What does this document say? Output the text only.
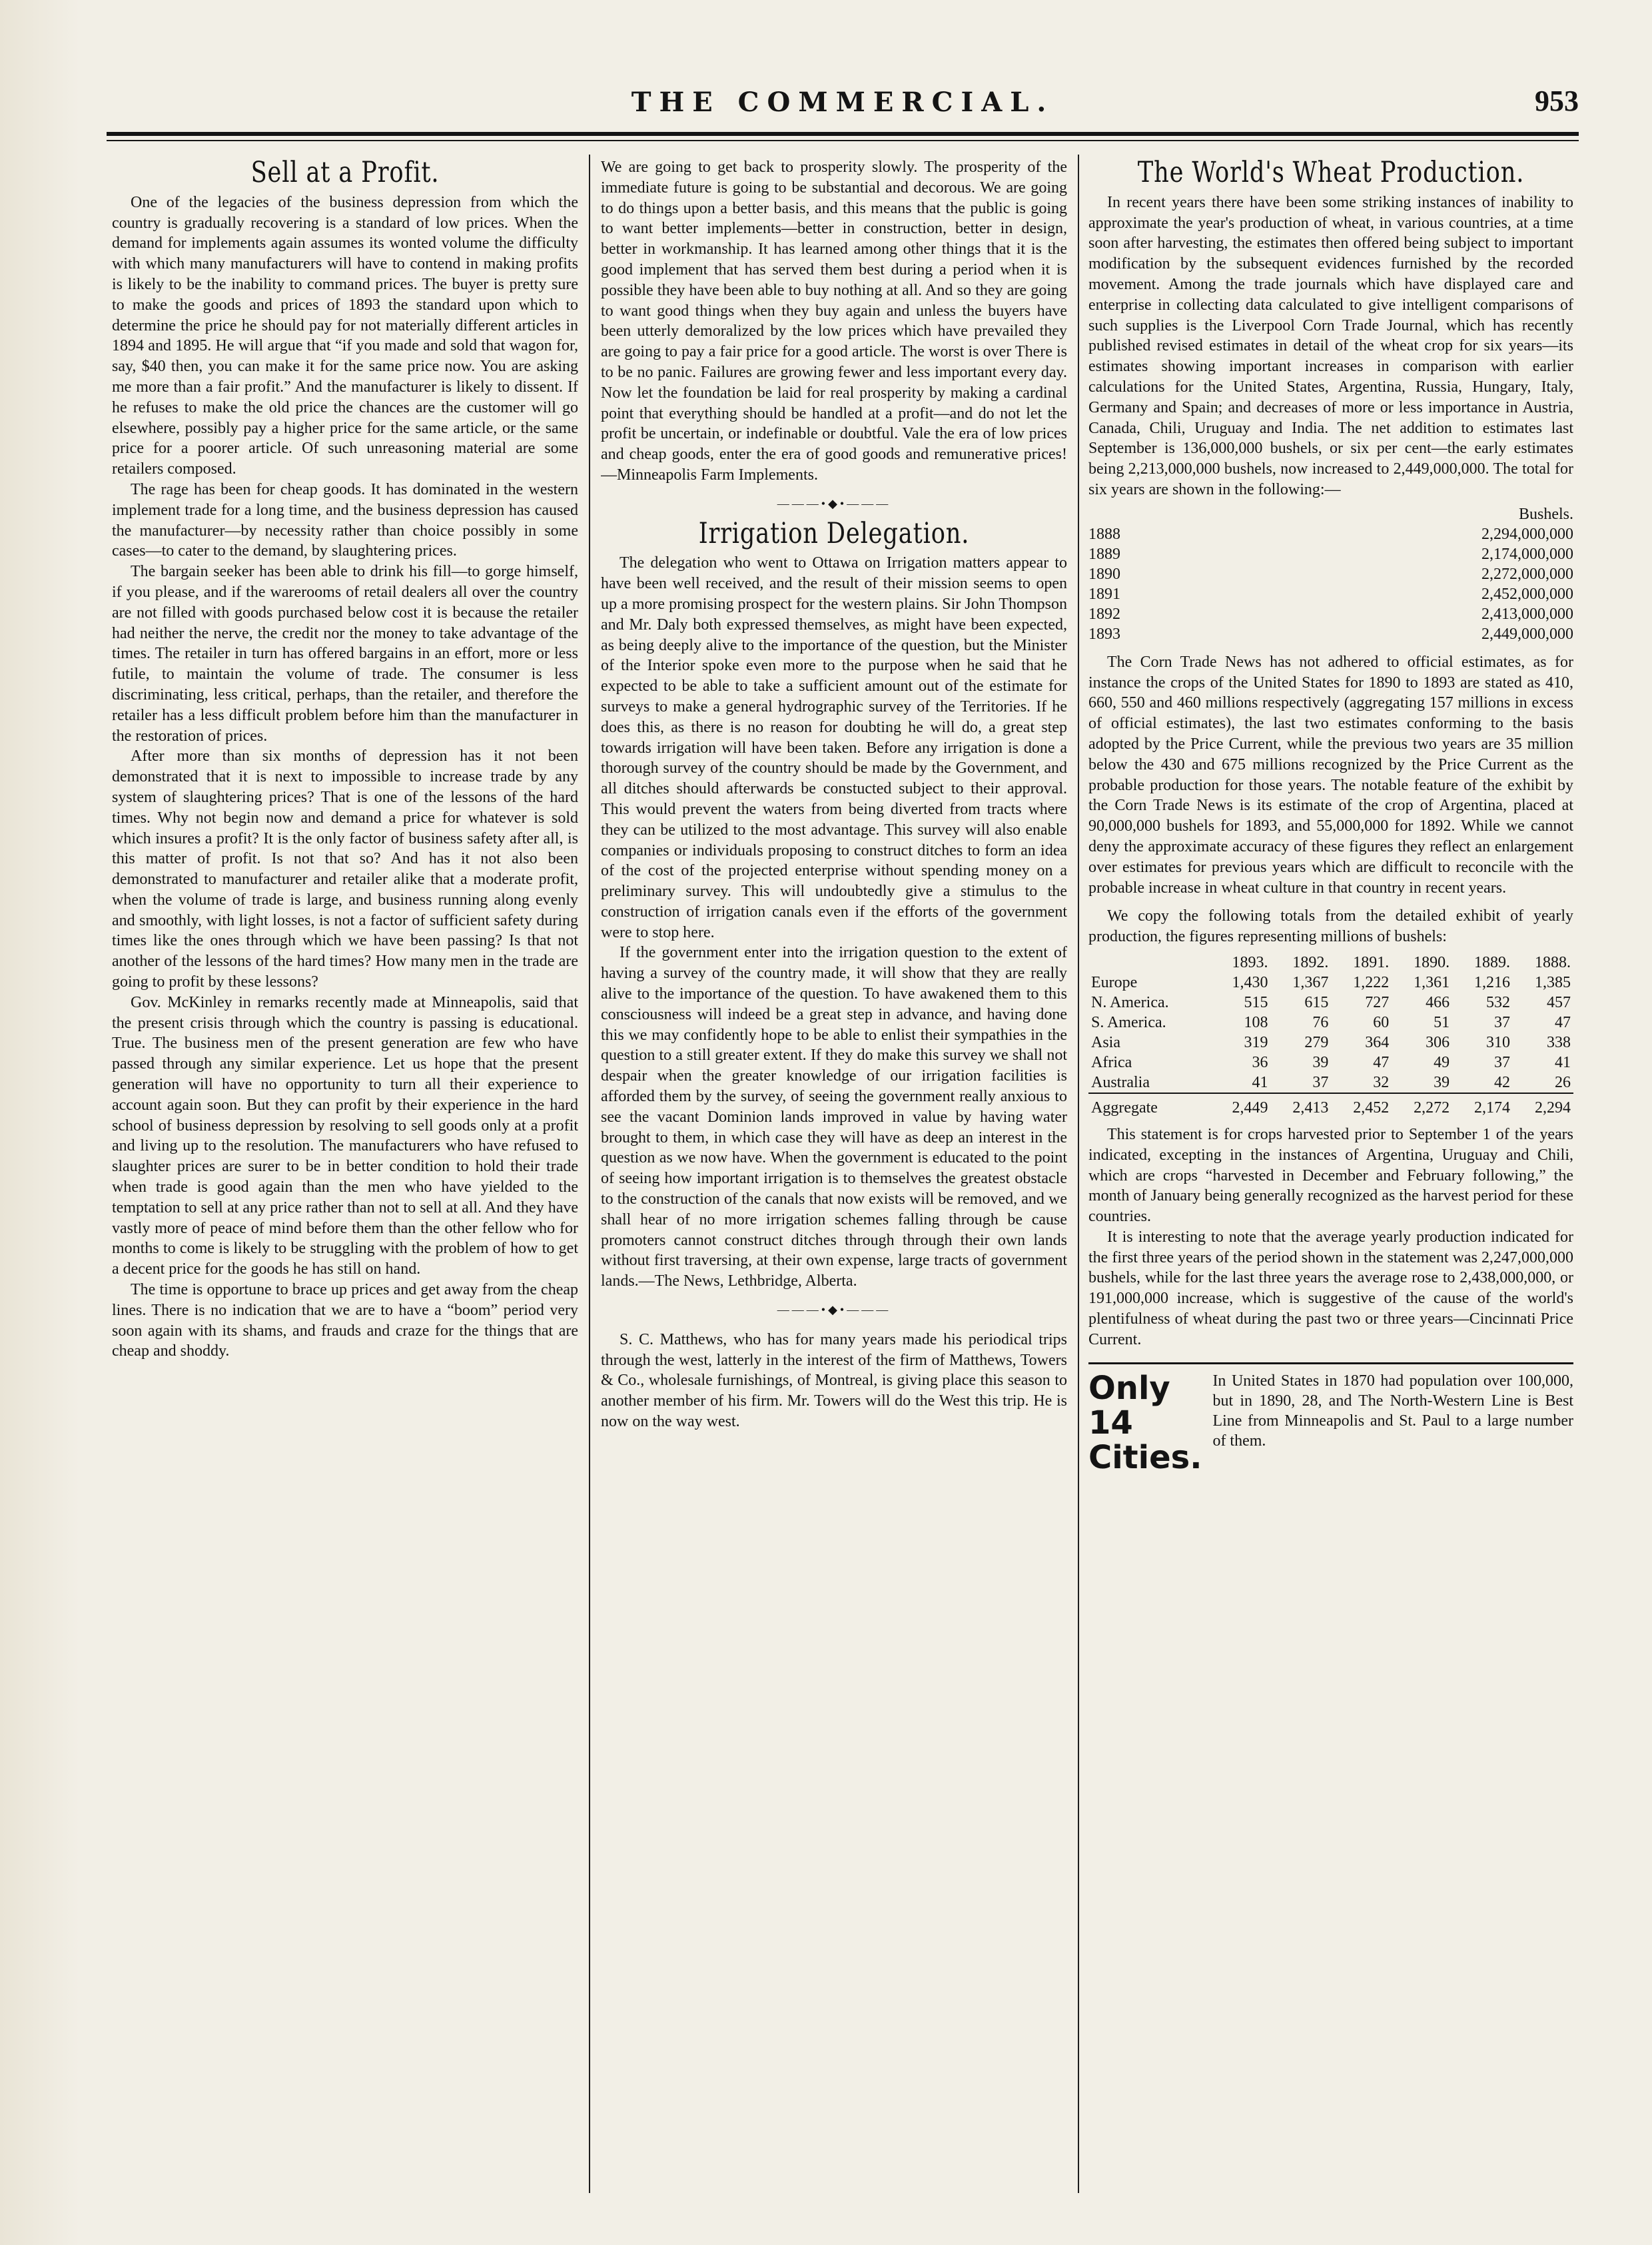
THE COMMERCIAL.	953
Sell at a Profit.

One of the legacies of the business depression from which the country is gradually recovering is a standard of low prices. When the demand for implements again assumes its wonted volume the difficulty with which many manufacturers will have to contend in making profits is likely to be the inability to command prices. The buyer is pretty sure to make the goods and prices of 1893 the standard upon which to determine the price he should pay for not materially different articles in 1894 and 1895. He will argue that “if you made and sold that wagon for, say, $40 then, you can make it for the same price now. You are asking me more than a fair profit.” And the manufacturer is likely to dissent. If he refuses to make the old price the chances are the customer will go elsewhere, possibly pay a higher price for the same article, or the same price for a poorer article. Of such unreasoning material are some retailers composed.

The rage has been for cheap goods. It has dominated in the western implement trade for a long time, and the business depression has caused the manufacturer—by necessity rather than choice possibly in some cases—to cater to the demand, by slaughtering prices.

The bargain seeker has been able to drink his fill—to gorge himself, if you please, and if the warerooms of retail dealers all over the country are not filled with goods purchased below cost it is because the retailer had neither the nerve, the credit nor the money to take advantage of the times. The retailer in turn has offered bargains in an effort, more or less futile, to maintain the volume of trade. The consumer is less discriminating, less critical, perhaps, than the retailer, and therefore the retailer has a less difficult problem before him than the manufacturer in the restoration of prices.

After more than six months of depression has it not been demonstrated that it is next to impossible to increase trade by any system of slaughtering prices? That is one of the lessons of the hard times. Why not begin now and demand a price for whatever is sold which insures a profit? It is the only factor of business safety after all, is this matter of profit. Is not that so? And has it not also been demonstrated to manufacturer and retailer alike that a moderate profit, when the volume of trade is large, and business running along evenly and smoothly, with light losses, is not a factor of sufficient safety during times like the ones through which we have been passing? Is that not another of the lessons of the hard times? How many men in the trade are going to profit by these lessons?

Gov. McKinley in remarks recently made at Minneapolis, said that the present crisis through which the country is passing is educational. True. The business men of the present generation are few who have passed through any similar experience. Let us hope that the present generation will have no opportunity to turn all their experience to account again soon. But they can profit by their experience in the hard school of business depression by resolving to sell goods only at a profit and living up to the resolution. The manufacturers who have refused to slaughter prices are surer to be in better condition to hold their trade when trade is good again than the men who have yielded to the temptation to sell at any price rather than not to sell at all. And they have vastly more of peace of mind before them than the other fellow who for months to come is likely to be struggling with the problem of how to get a decent price for the goods he has still on hand.

The time is opportune to brace up prices and get away from the cheap lines. There is no indication that we are to have a “boom” period very soon again with its shams, and frauds and craze for the things that are cheap and shoddy.

We are going to get back to prosperity slowly. The prosperity of the immediate future is going to be substantial and decorous. We are going to do things upon a better basis, and this means that the public is going to want better implements—better in construction, better in design, better in workmanship. It has learned among other things that it is the good implement that has served them best during a period when it is possible they have been able to buy nothing at all. And so they are going to want good things when they buy again and unless the buyers have been utterly demoralized by the low prices which have prevailed they are going to pay a fair price for a good article. The worst is over There is to be no panic. Failures are growing fewer and less important every day. Now let the foundation be laid for real prosperity by making a cardinal point that everything should be handled at a profit—and do not let the profit be uncertain, or indefinable or doubtful. Vale the era of low prices and cheap goods, enter the era of good goods and remunerative prices! —Minneapolis Farm Implements.

———•◆•———
Irrigation Delegation.

The delegation who went to Ottawa on Irrigation matters appear to have been well received, and the result of their mission seems to open up a more promising prospect for the western plains. Sir John Thompson and Mr. Daly both expressed themselves, as might have been expected, as being deeply alive to the importance of the question, but the Minister of the Interior spoke even more to the purpose when he said that he expected to be able to take a sufficient amount out of the estimate for surveys to make a general hydrographic survey of the Territories. If he does this, as there is no reason for doubting he will do, a great step towards irrigation will have been taken. Before any irrigation is done a thorough survey of the country should be made by the Government, and all ditches should afterwards be constucted subject to their approval. This would prevent the waters from being diverted from tracts where they can be utilized to the most advantage. This survey will also enable companies or individuals proposing to construct ditches to form an idea of the cost of the projected enterprise without spending money on a preliminary survey. This will undoubtedly give a stimulus to the construction of irrigation canals even if the efforts of the government were to stop here.

If the government enter into the irrigation question to the extent of having a survey of the country made, it will show that they are really alive to the importance of the question. To have awakened them to this consciousness will indeed be a great step in advance, and having done this we may confidently hope to be able to enlist their sympathies in the question to a still greater extent. If they do make this survey we shall not despair when the greater knowledge of our irrigation facilities is afforded them by the survey, of seeing the government really anxious to see the vacant Dominion lands improved in value by having water brought to them, in which case they will have as deep an interest in the question as we now have. When the government is educated to the point of seeing how important irrigation is to themselves the greatest obstacle to the construction of the canals that now exists will be removed, and we shall hear of no more irrigation schemes falling through be cause promoters cannot construct ditches through through their own lands without first traversing, at their own expense, large tracts of government lands.—The News, Lethbridge, Alberta.

———•◆•———

S. C. Matthews, who has for many years made his periodical trips through the west, latterly in the interest of the firm of Matthews, Towers & Co., wholesale furnishings, of Montreal, is giving place this season to another member of his firm. Mr. Towers will do the West this trip. He is now on the way west.

The World's Wheat Production.

In recent years there have been some striking instances of inability to approximate the year's production of wheat, in various countries, at a time soon after harvesting, the estimates then offered being subject to important modification by the subsequent evidences furnished by the recorded movement. Among the trade journals which have displayed care and enterprise in collecting data calculated to give intelligent comparisons of such supplies is the Liverpool Corn Trade Journal, which has recently published revised estimates in detail of the wheat crop for six years—its estimates showing important increases in comparison with earlier calculations for the United States, Argentina, Russia, Hungary, Italy, Germany and Spain; and decreases of more or less importance in Austria, Canada, Chili, Uruguay and India. The net addition to estimates last September is 136,000,000 bushels, or six per cent—the early estimates being 2,213,000,000 bushels, now increased to 2,449,000,000. The total for six years are shown in the following:—

	Bushels.
1888	2,294,000,000
1889	2,174,000,000
1890	2,272,000,000
1891	2,452,000,000
1892	2,413,000,000
1893	2,449,000,000

The Corn Trade News has not adhered to official estimates, as for instance the crops of the United States for 1890 to 1893 are stated as 410, 660, 550 and 460 millions respectively (aggregating 157 millions in excess of official estimates), the last two estimates conforming to the basis adopted by the Price Current, while the previous two years are 35 million below the 430 and 675 millions recognized by the Price Current as the probable production for those years. The notable feature of the exhibit by the Corn Trade News is its estimate of the crop of Argentina, placed at 90,000,000 bushels for 1893, and 55,000,000 for 1892. While we cannot deny the approximate accuracy of these figures they reflect an enlargement over estimates for previous years which are difficult to reconcile with the probable increase in wheat culture in that country in recent years.

We copy the following totals from the detailed exhibit of yearly production, the figures representing millions of bushels:

	1893.	1892.	1891.	1890.	1889.	1888.
Europe	1,430	1,367	1,222	1,361	1,216	1,385
N. America.	515	615	727	466	532	457
S. America.	108	76	60	51	37	47
Asia	319	279	364	306	310	338
Africa	36	39	47	49	37	41
Australia	41	37	32	39	42	26
Aggregate	2,449	2,413	2,452	2,272	2,174	2,294

This statement is for crops harvested prior to September 1 of the years indicated, excepting in the instances of Argentina, Uruguay and Chili, which are crops “harvested in December and February following,” the month of January being generally recognized as the harvest period for these countries.

It is interesting to note that the average yearly production indicated for the first three years of the period shown in the statement was 2,247,000,000 bushels, while for the last three years the average rose to 2,438,000,000, or 191,000,000 increase, which is suggestive of the cause of the world's plentifulness of wheat during the past two or three years—Cincinnati Price Current.

Only 14
Cities.
In United States in 1870 had population over 100,000, but in 1890, 28, and The North-Western Line is Best Line from Minneapolis and St. Paul to a large number of them.
